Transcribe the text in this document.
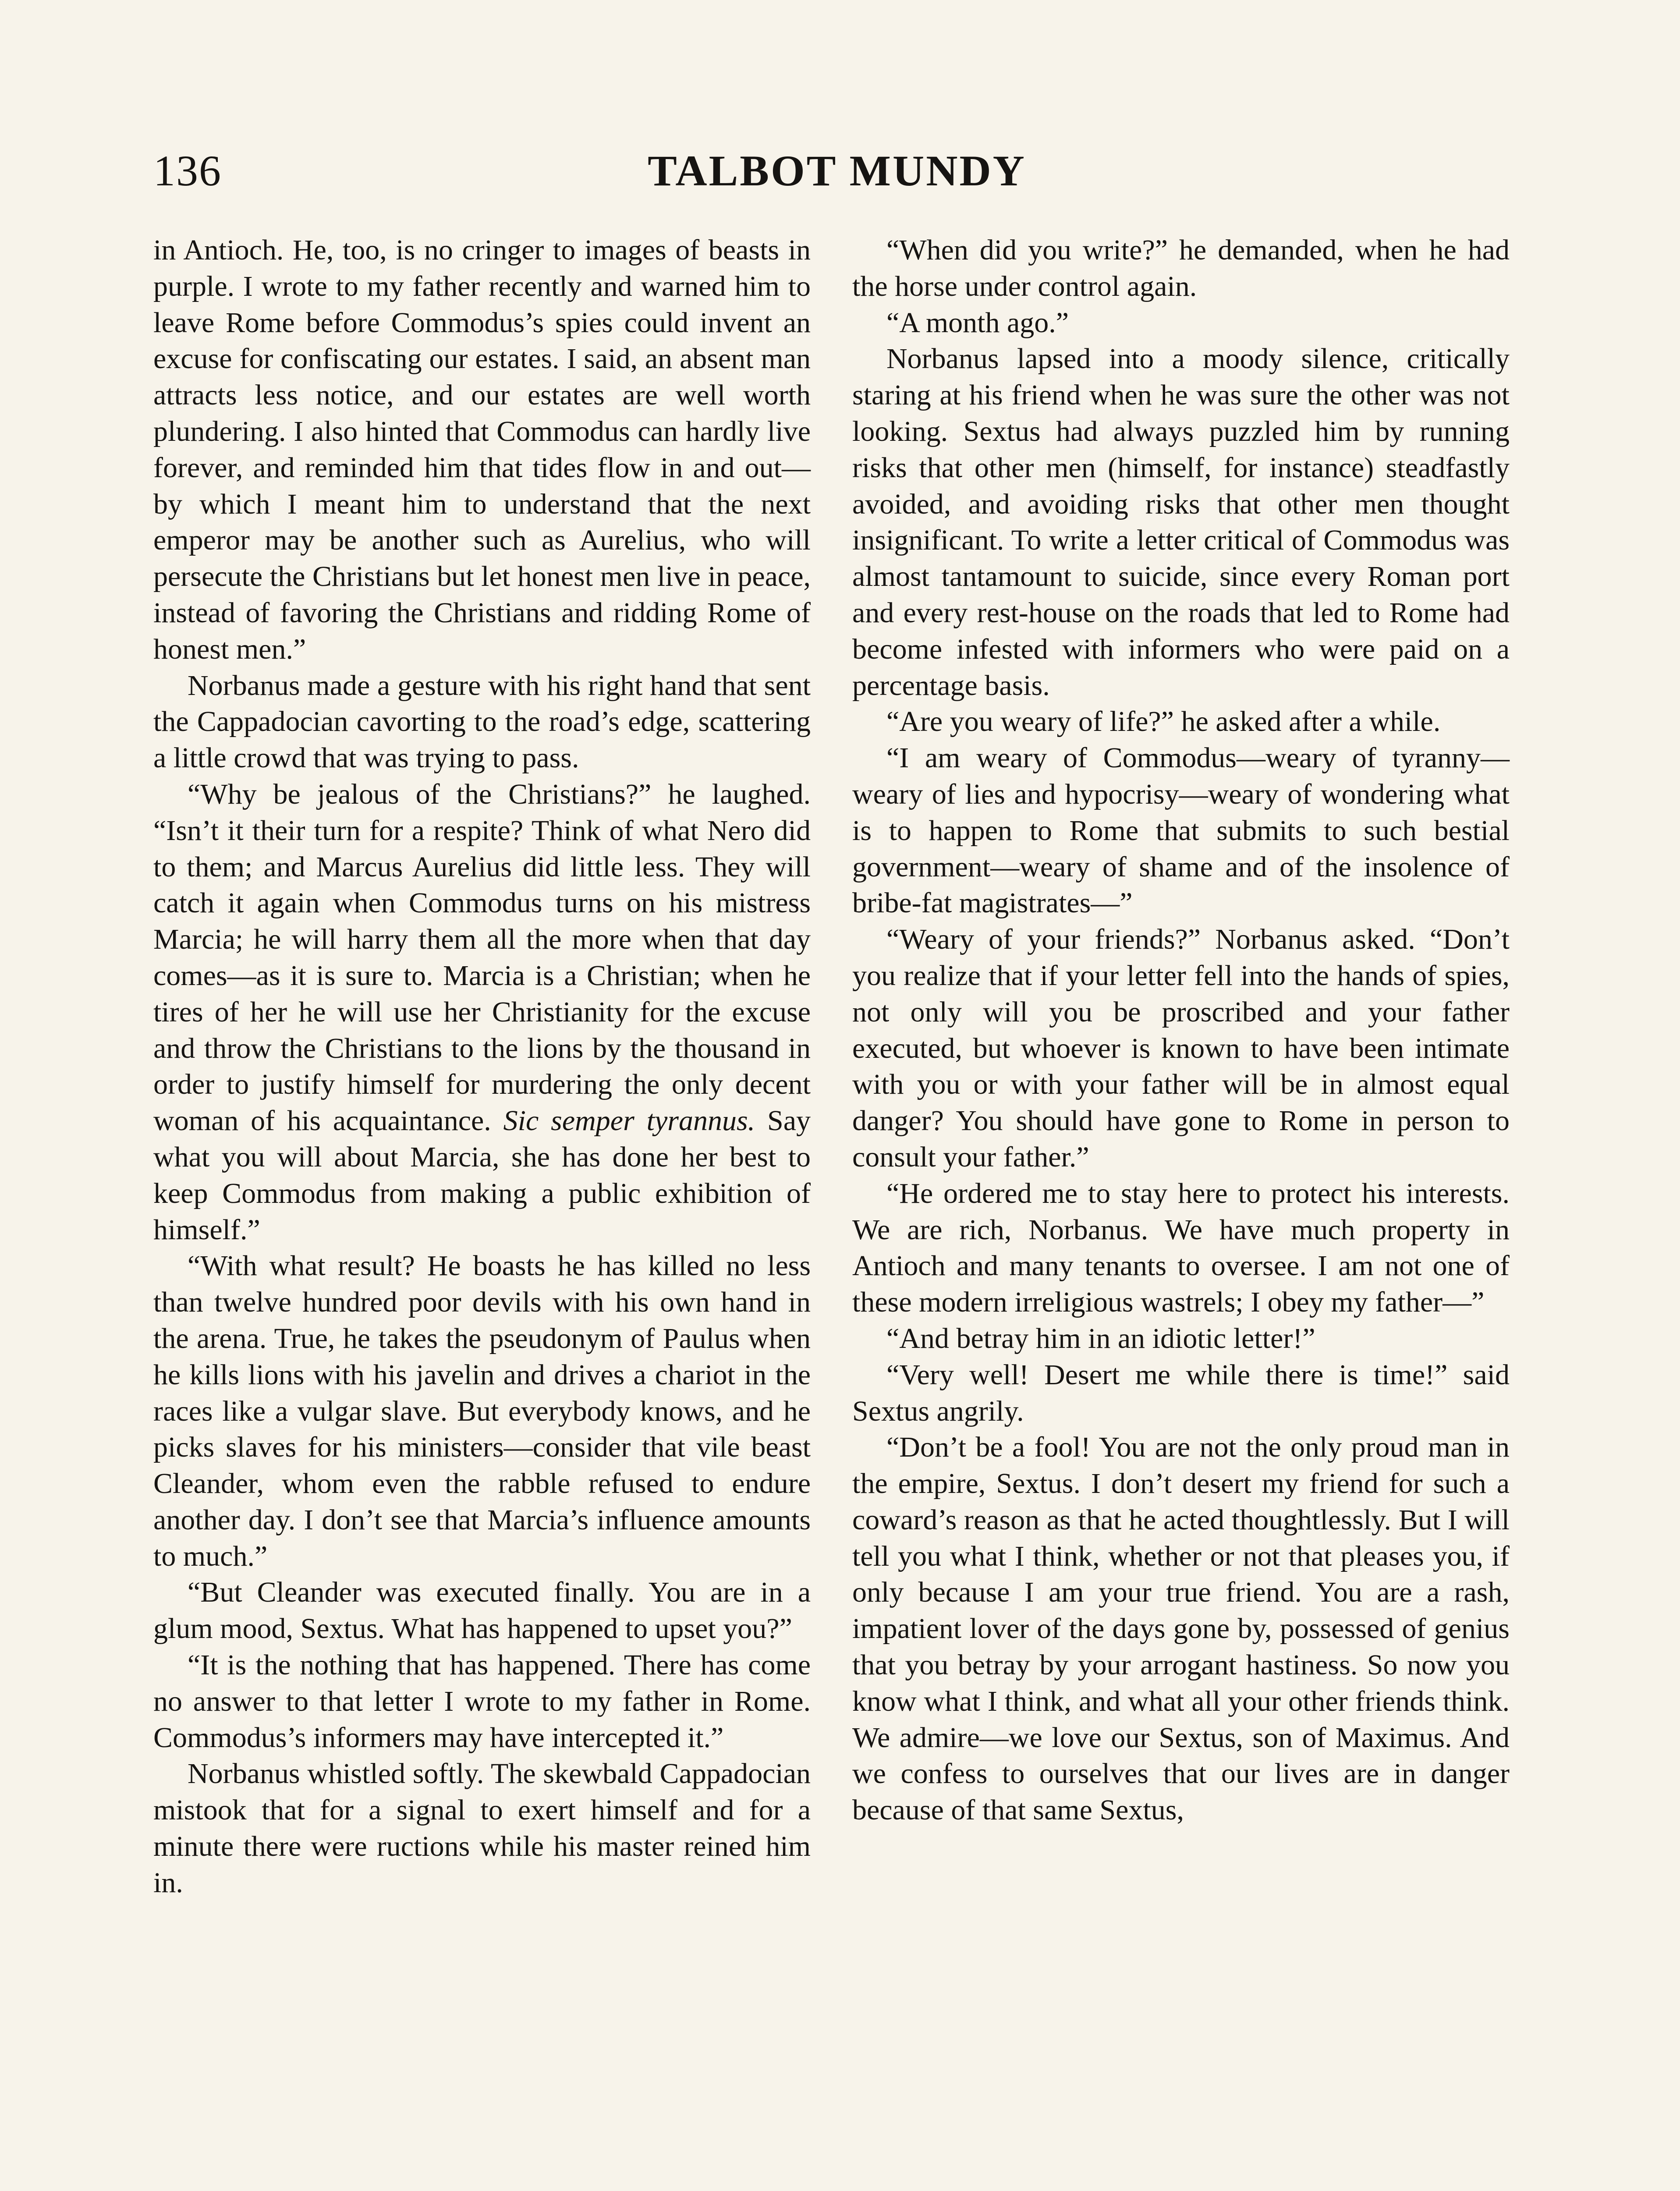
136	TALBOT MUNDY

in Antioch. He, too, is no cringer to images of beasts in purple. I wrote to my father recently and warned him to leave Rome before Commodus’s spies could invent an excuse for confiscating our estates. I said, an absent man attracts less notice, and our estates are well worth plundering. I also hinted that Commodus can hardly live forever, and reminded him that tides flow in and out—by which I meant him to understand that the next emperor may be another such as Aurelius, who will persecute the Christians but let honest men live in peace, instead of favoring the Christians and ridding Rome of honest men.”

Norbanus made a gesture with his right hand that sent the Cappadocian cavorting to the road’s edge, scattering a little crowd that was trying to pass.

“Why be jealous of the Christians?” he laughed. “Isn’t it their turn for a respite? Think of what Nero did to them; and Marcus Aurelius did little less. They will catch it again when Commodus turns on his mistress Marcia; he will harry them all the more when that day comes—as it is sure to. Marcia is a Christian; when he tires of her he will use her Christianity for the excuse and throw the Christians to the lions by the thousand in order to justify himself for murdering the only decent woman of his acquaintance. Sic semper tyrannus. Say what you will about Marcia, she has done her best to keep Commodus from making a public exhibition of himself.”

“With what result? He boasts he has killed no less than twelve hundred poor devils with his own hand in the arena. True, he takes the pseudonym of Paulus when he kills lions with his javelin and drives a chariot in the races like a vulgar slave. But everybody knows, and he picks slaves for his ministers—consider that vile beast Cleander, whom even the rabble refused to endure another day. I don’t see that Marcia’s influence amounts to much.”

“But Cleander was executed finally. You are in a glum mood, Sextus. What has happened to upset you?”

“It is the nothing that has happened. There has come no answer to that letter I wrote to my father in Rome. Commodus’s informers may have intercepted it.”

Norbanus whistled softly. The skewbald Cappadocian mistook that for a signal to exert himself and for a minute there were ructions while his master reined him in.

“When did you write?” he demanded, when he had the horse under control again.

“A month ago.”

Norbanus lapsed into a moody silence, critically staring at his friend when he was sure the other was not looking. Sextus had always puzzled him by running risks that other men (himself, for instance) steadfastly avoided, and avoiding risks that other men thought insignificant. To write a letter critical of Commodus was almost tantamount to suicide, since every Roman port and every rest-house on the roads that led to Rome had become infested with informers who were paid on a percentage basis.

“Are you weary of life?” he asked after a while.

“I am weary of Commodus—weary of tyranny—weary of lies and hypocrisy—weary of wondering what is to happen to Rome that submits to such bestial government—weary of shame and of the insolence of bribe-fat magistrates—”

“Weary of your friends?” Norbanus asked. “Don’t you realize that if your letter fell into the hands of spies, not only will you be proscribed and your father executed, but whoever is known to have been intimate with you or with your father will be in almost equal danger? You should have gone to Rome in person to consult your father.”

“He ordered me to stay here to protect his interests. We are rich, Norbanus. We have much property in Antioch and many tenants to oversee. I am not one of these modern irreligious wastrels; I obey my father—”

“And betray him in an idiotic letter!”

“Very well! Desert me while there is time!” said Sextus angrily.

“Don’t be a fool! You are not the only proud man in the empire, Sextus. I don’t desert my friend for such a coward’s reason as that he acted thoughtlessly. But I will tell you what I think, whether or not that pleases you, if only because I am your true friend. You are a rash, impatient lover of the days gone by, possessed of genius that you betray by your arrogant hastiness. So now you know what I think, and what all your other friends think. We admire—we love our Sextus, son of Maximus. And we confess to ourselves that our lives are in danger because of that same Sextus,
